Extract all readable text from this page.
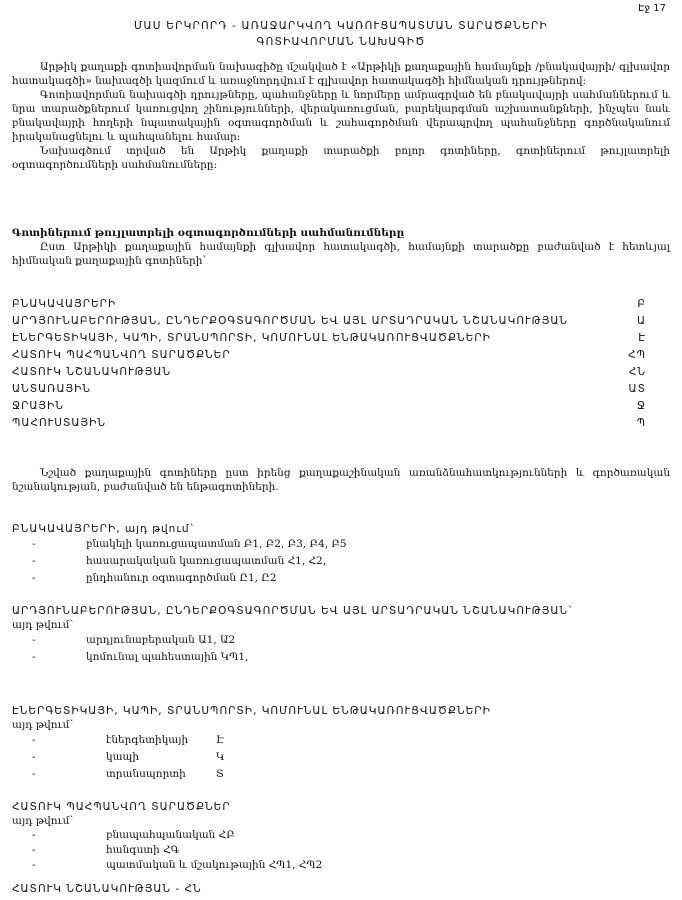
Էջ 17
ՄԱՍ ԵՐԿՐՈՐԴ - ԱՌԱՋԱՐԿՎՈՂ ԿԱՌՈՒՑԱՊԱՏՄԱՆ ՏԱՐԱԾՔՆԵՐԻ
ԳՈՏԻԱՎՈՐՄԱՆ ՆԱԽԱԳԻԾ

Արթիկ քաղաքի գոտիավորման նախագիծը մշակված է «Արթիկի քաղաքային համայնքի /բնակավայրի/ գլխավոր հատակագծի» նախագծի կազմում և առաջնորդվում է գլխավոր հատակագծի հիմնական դրույթներով:

Գոտիավորման նախագծի դրույթները, պահանջները և նորմերը ամրագրված են բնակավայրի սահմաններում և նրա տարածքներում կառուցվող շինությունների, վերակառուցման, բարեկարգման աշխատանքների, ինչպես նաև բնակավայրի հողերի նպատակային օգտագործման և շահագործման վերապրվող պահանջները գործնականում իրականացնելու և պահպանելու համար:

Նախագծում տրված են Արթիկ քաղաքի տարածքի բոլոր գոտիները, գոտիներում թույլատրելի օգտագործումների սահմանումները:

Գոտիներում թույլատրելի օգտագործումների սահմանումները

Ըստ Արթիկի քաղաքային համայնքի գլխավոր հատակագծի, համայնքի տարածքը բաժանված է հետևյալ հիմնական քաղաքային գոտիների`

ԲՆԱԿԱՎԱՅՐԵՐԻ	Բ
ԱՐԴՅՈՒՆԱԲԵՐՈՒԹՅԱՆ, ԸՆԴԵՐՔՕԳՏԱԳՈՐԾՄԱՆ ԵՎ ԱՅԼ ԱՐՏԱԴՐԱԿԱՆ ՆՇԱՆԱԿՈՒԹՅԱՆ	Ա
ԷՆԵՐԳԵՏԻԿԱՅԻ, ԿԱՊԻ, ՏՐԱՆՍՊՈՐՏԻ, ԿՈՄՈՒՆԱԼ ԵՆԹԱԿԱՌՈՒՑՎԱԾՔՆԵՐԻ	Է
ՀԱՏՈՒԿ ՊԱՀՊԱՆՎՈՂ ՏԱՐԱԾՔՆԵՐ	ՀՊ
ՀԱՏՈՒԿ ՆՇԱՆԱԿՈՒԹՅԱՆ	ՀՆ
ԱՆՏԱՌԱՅԻՆ	ԱՏ
ՋՐԱՅԻՆ	Ջ
ՊԱՀՈՒՍՏԱՅԻՆ	Պ

Նշված քաղաքային գոտիները ըստ իրենց քաղաքաշինական առանձնահատկությունների և գործառական նշանակության, բաժանված են ենթագոտիների.

ԲՆԱԿԱՎԱՅՐԵՐԻ, այդ թվում`
- բնակելի կառուցապատման Բ1, Բ2, Բ3, Բ4, Բ5
- հասարակական կառուցապատման Հ1, Հ2,
- ընդհանուր օգտագործման Ը1, Ը2
ԱՐԴՅՈՒՆԱԲԵՐՈՒԹՅԱՆ, ԸՆԴԵՐՔՕԳՏԱԳՈՐԾՄԱՆ ԵՎ ԱՅԼ ԱՐՏԱԴՐԱԿԱՆ ՆՇԱՆԱԿՈՒԹՅԱՆ`
այդ թվում`
- արդյունաբերական Ա1, Ա2
- կոմունալ պահեստային ԿՊ1,
ԷՆԵՐԳԵՏԻԿԱՅԻ, ԿԱՊԻ, ՏՐԱՆՍՊՈՐՏԻ, ԿՈՄՈՒՆԱԼ ԵՆԹԱԿԱՌՈՒՑՎԱԾՔՆԵՐԻ
այդ թվում`
- էներգետիկայի	Է
- կապի	Կ
- տրանսպորտի	Տ
ՀԱՏՈՒԿ ՊԱՀՊԱՆՎՈՂ ՏԱՐԱԾՔՆԵՐ
այդ թվում`
- բնապահպանական ՀԲ
- հանգստի ՀԳ
- պատմական և մշակութային ՀՊ1, ՀՊ2
ՀԱՏՈՒԿ ՆՇԱՆԱԿՈՒԹՅԱՆ - ՀՆ
